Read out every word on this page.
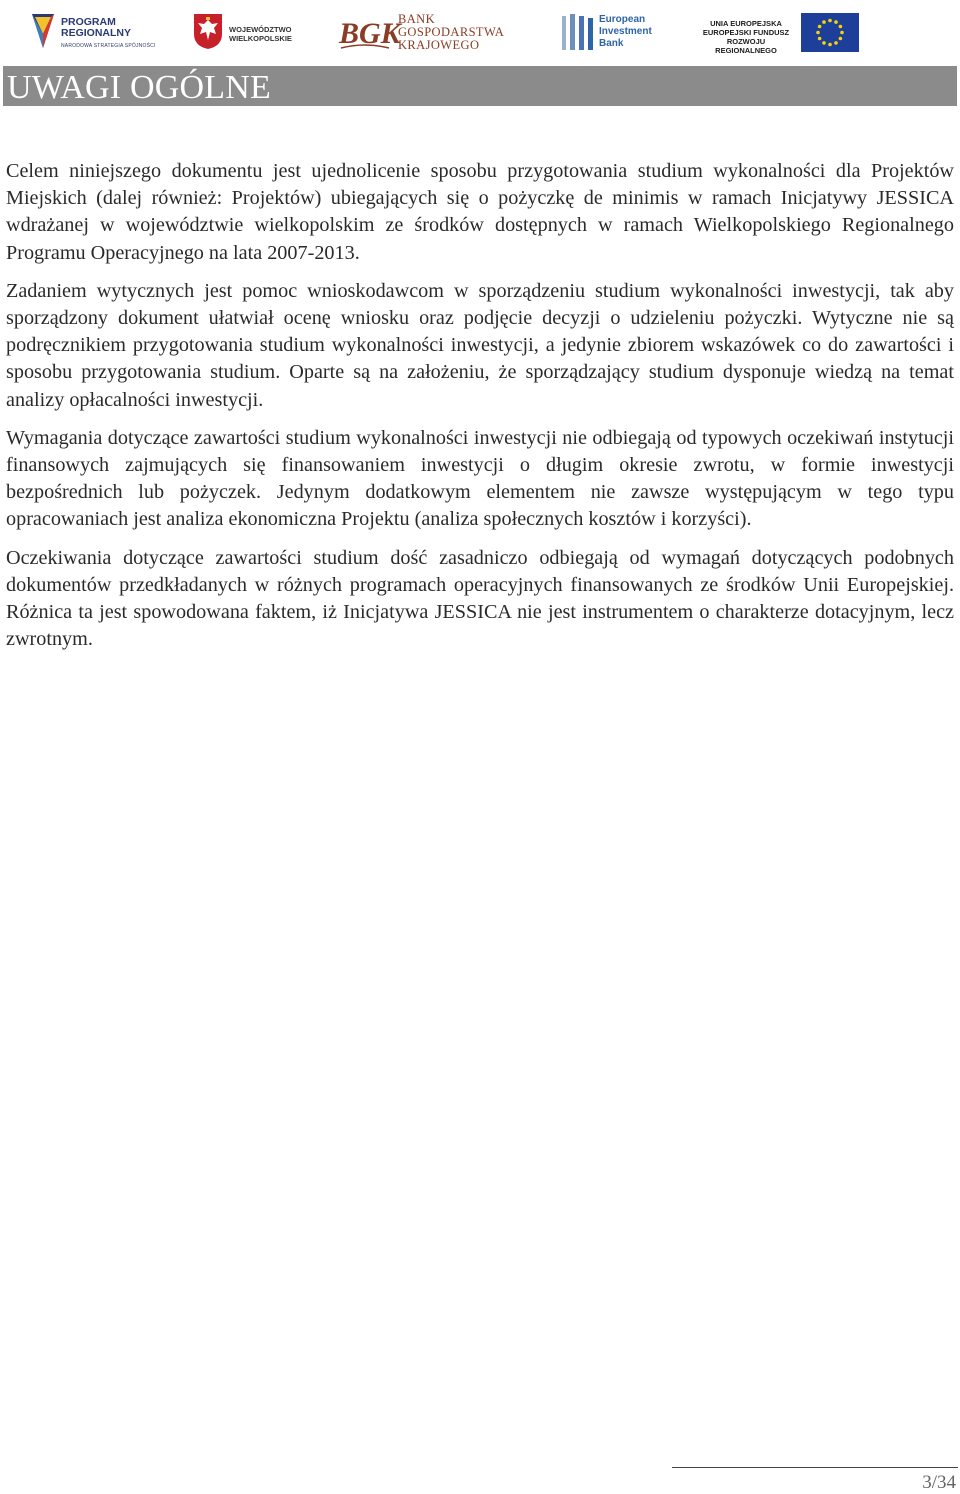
PROGRAM
REGIONALNY
NARODOWA STRATEGIA SPÓJNOŚCI
WOJEWÓDZTWO
WIELKOPOLSKIE BGK
BANK
GOSPODARSTWA
KRAJOWEGO
European
Investment
Bank
UNIA EUROPEJSKA
EUROPEJSKI FUNDUSZ
ROZWOJU REGIONALNEGO
UWAGI OGÓLNE

Celem niniejszego dokumentu jest ujednolicenie sposobu przygotowania studium wykonalności dla Projektów Miejskich (dalej również: Projektów) ubiegających się o pożyczkę de minimis w ramach Inicjatywy JESSICA wdrażanej w województwie wielkopolskim ze środków dostępnych w ramach Wielkopolskiego Regionalnego Programu Operacyjnego na lata 2007-2013.

Zadaniem wytycznych jest pomoc wnioskodawcom w sporządzeniu studium wykonalności inwestycji, tak aby sporządzony dokument ułatwiał ocenę wniosku oraz podjęcie decyzji o udzieleniu pożyczki. Wytyczne nie są podręcznikiem przygotowania studium wykonalności inwestycji, a jedynie zbiorem wskazówek co do zawartości i sposobu przygotowania studium. Oparte są na założeniu, że sporządzający studium dysponuje wiedzą na temat analizy opłacalności inwestycji.

Wymagania dotyczące zawartości studium wykonalności inwestycji nie odbiegają od typowych oczekiwań instytucji finansowych zajmujących się finansowaniem inwestycji o długim okresie zwrotu, w formie inwestycji bezpośrednich lub pożyczek. Jedynym dodatkowym elementem nie zawsze występującym w tego typu opracowaniach jest analiza ekonomiczna Projektu (analiza społecznych kosztów i korzyści).

Oczekiwania dotyczące zawartości studium dość zasadniczo odbiegają od wymagań dotyczących podobnych dokumentów przedkładanych w różnych programach operacyjnych finansowanych ze środków Unii Europejskiej. Różnica ta jest spowodowana faktem, iż Inicjatywa JESSICA nie jest instrumentem o charakterze dotacyjnym, lecz zwrotnym.

3/34
